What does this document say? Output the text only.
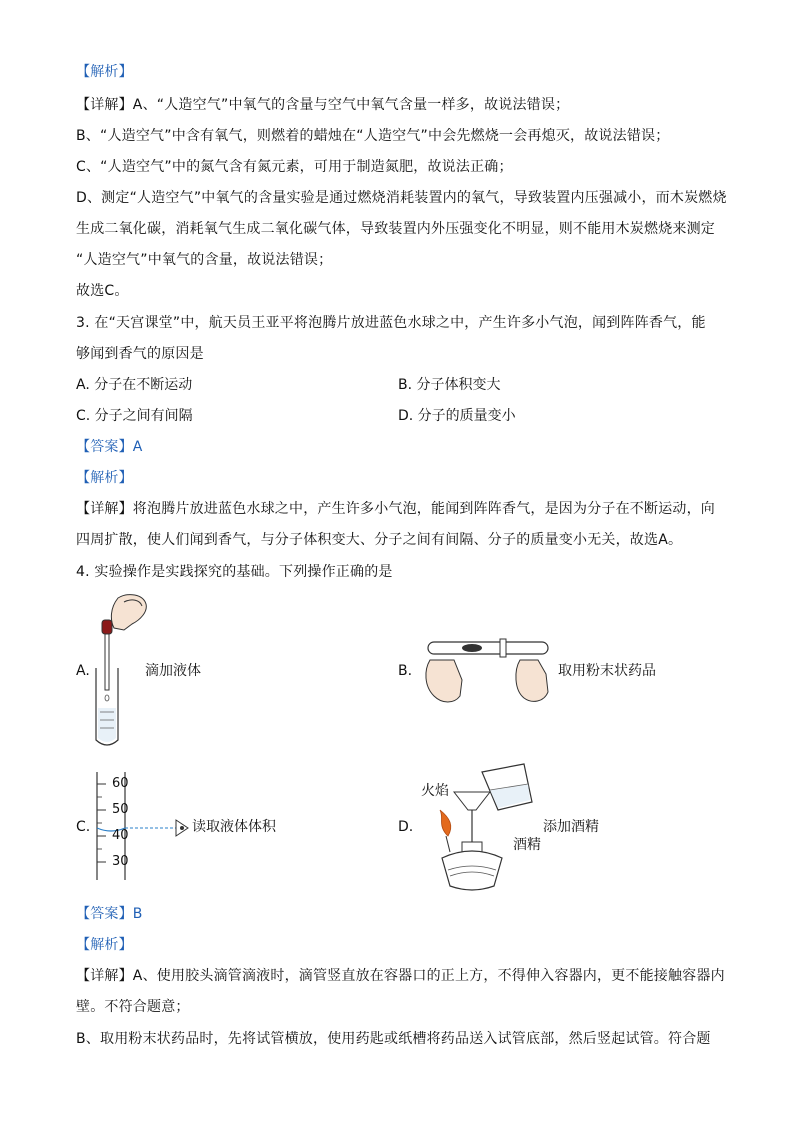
【解析】
【详解】A、“人造空气”中氧气的含量与空气中氧气含量一样多，故说法错误；
B、“人造空气”中含有氧气，则燃着的蜡烛在“人造空气”中会先燃烧一会再熄灭，故说法错误；
C、“人造空气”中的氮气含有氮元素，可用于制造氮肥，故说法正确；
D、测定“人造空气”中氧气的含量实验是通过燃烧消耗装置内的氧气，导致装置内压强减小，而木炭燃烧
生成二氧化碳，消耗氧气生成二氧化碳气体，导致装置内外压强变化不明显，则不能用木炭燃烧来测定
“人造空气”中氧气的含量，故说法错误；
故选C。
3. 在“天宫课堂”中，航天员王亚平将泡腾片放进蓝色水球之中，产生许多小气泡，闻到阵阵香气，能
够闻到香气的原因是
A. 分子在不断运动	B. 分子体积变大
C. 分子之间有间隔	D. 分子的质量变小
【答案】A
【解析】
【详解】将泡腾片放进蓝色水球之中，产生许多小气泡，能闻到阵阵香气，是因为分子在不断运动，向
四周扩散，使人们闻到香气，与分子体积变大、分子之间有间隔、分子的质量变小无关，故选A。
4. 实验操作是实践探究的基础。下列操作正确的是
A.	滴加液体	B.	取用粉末状药品
C.
60
50
40
30
读取液体体积	D.
火焰
酒精
添加酒精
【答案】B
【解析】
【详解】A、使用胶头滴管滴液时，滴管竖直放在容器口的正上方，不得伸入容器内，更不能接触容器内
壁。不符合题意；
B、取用粉末状药品时，先将试管横放，使用药匙或纸槽将药品送入试管底部，然后竖起试管。符合题
